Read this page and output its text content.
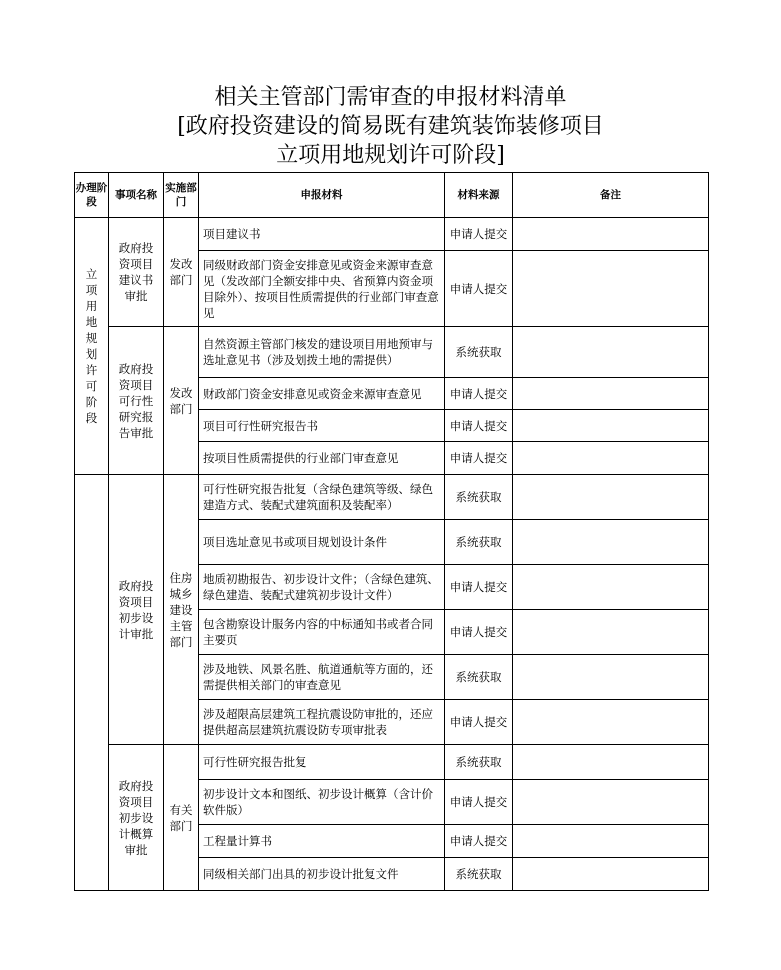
相关主管部门需审查的申报材料清单
[政府投资建设的简易既有建筑装饰装修项目
立项用地规划许可阶段]
办理阶段	事项名称	实施部门	申报材料	材料来源	备注
立项用地规划许可阶段	政府投资项目建议书审批	发改部门	项目建议书	申请人提交	
			同级财政部门资金安排意见或资金来源审查意见（发改部门全额安排中央、省预算内资金项目除外）、按项目性质需提供的行业部门审查意见	申请人提交	
	政府投资项目可行性研究报告审批	发改部门	自然资源主管部门核发的建设项目用地预审与选址意见书（涉及划拨土地的需提供）	系统获取	
			财政部门资金安排意见或资金来源审查意见	申请人提交	
			项目可行性研究报告书	申请人提交	
			按项目性质需提供的行业部门审查意见	申请人提交	
	政府投资项目初步设计审批	住房城乡建设主管部门	可行性研究报告批复（含绿色建筑等级、绿色建造方式、装配式建筑面积及装配率）	系统获取	
			项目选址意见书或项目规划设计条件	系统获取	
			地质初勘报告、初步设计文件；（含绿色建筑、绿色建造、装配式建筑初步设计文件）	申请人提交	
			包含勘察设计服务内容的中标通知书或者合同主要页	申请人提交	
			涉及地铁、风景名胜、航道通航等方面的，还需提供相关部门的审查意见	系统获取	
			涉及超限高层建筑工程抗震设防审批的，还应提供超高层建筑抗震设防专项审批表	申请人提交	
	政府投资项目初步设计概算审批	有关部门	可行性研究报告批复	系统获取	
			初步设计文本和图纸、初步设计概算（含计价软件版）	申请人提交	
			工程量计算书	申请人提交	
			同级相关部门出具的初步设计批复文件	系统获取	
